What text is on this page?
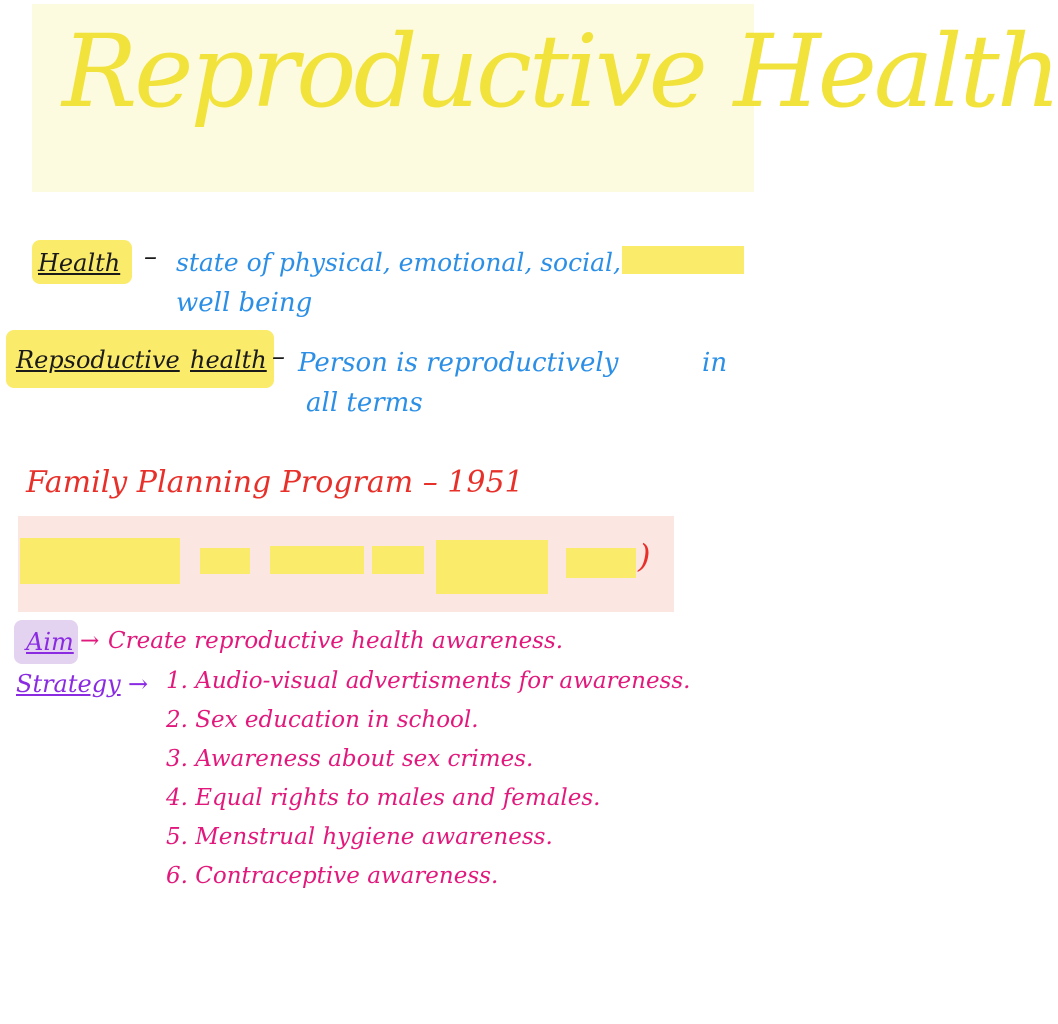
Reproductive Health
Health – state of physical, emotional, social,
well being
Repsoductive health – Person is reproductively	in
all terms
Family Planning Program – 1951
)
Aim → Create reproductive health awareness.
Strategy → 1. Audio-visual advertisments for awareness.
2. Sex education in school.
3. Awareness about sex crimes.
4. Equal rights to males and females.
5. Menstrual hygiene awareness.
6. Contraceptive awareness.
